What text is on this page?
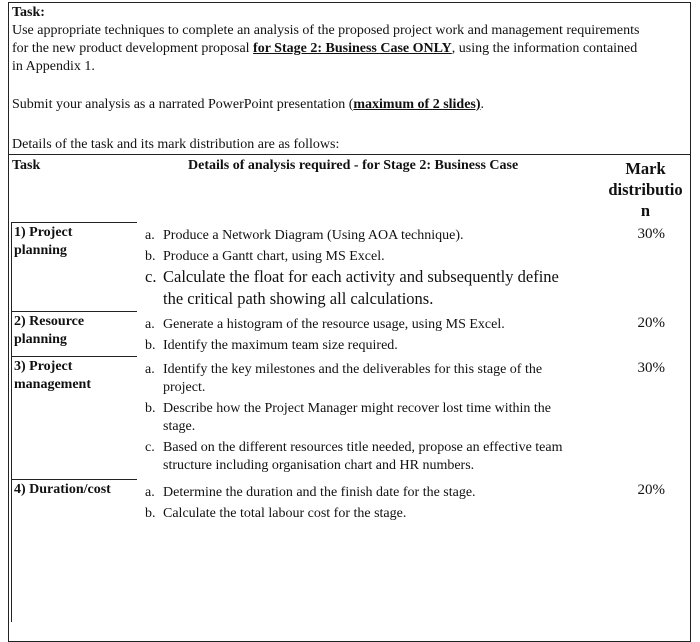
Task:
Use appropriate techniques to complete an analysis of the proposed project work and management requirements
for the new product development proposal for Stage 2: Business Case ONLY, using the information contained
in Appendix 1.
Submit your analysis as a narrated PowerPoint presentation (maximum of 2 slides).
Details of the task and its mark distribution are as follows:
Task	Details of analysis required - for Stage 2: Business Case	Mark
distributio
n
1) Project
planning
a. Produce a Network Diagram (Using AOA technique).
b. Produce a Gantt chart, using MS Excel.
c. Calculate the float for each activity and subsequently define
the critical path showing all calculations.
30%
2) Resource
planning
a. Generate a histogram of the resource usage, using MS Excel.
b. Identify the maximum team size required.
20%
3) Project
management
a. Identify the key milestones and the deliverables for this stage of the
project.
b. Describe how the Project Manager might recover lost time within the
stage.
c. Based on the different resources title needed, propose an effective team
structure including organisation chart and HR numbers.
30%
4) Duration/cost a. Determine the duration and the finish date for the stage.
b. Calculate the total labour cost for the stage.
20%
